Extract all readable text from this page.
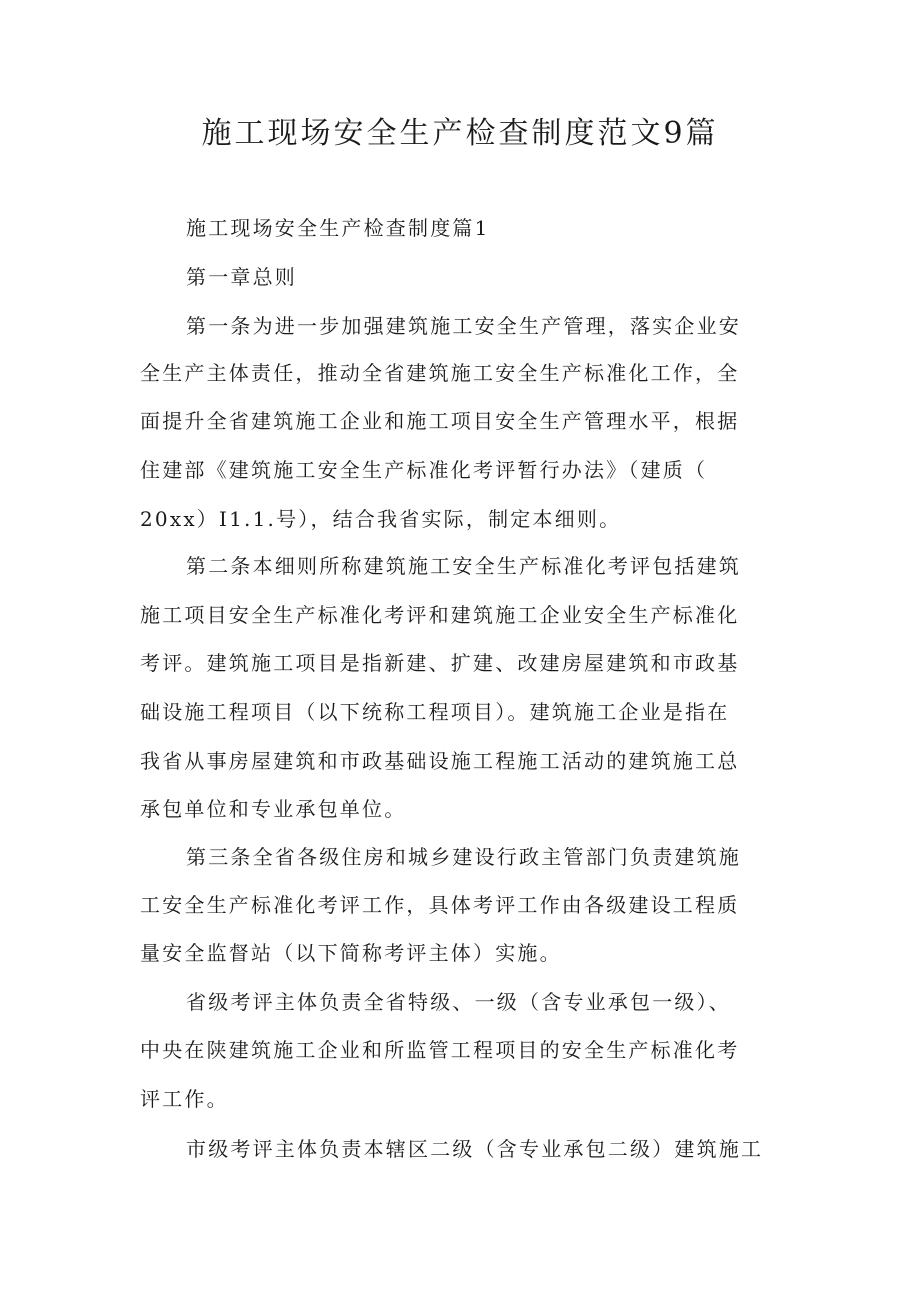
施工现场安全生产检查制度范文9篇

施工现场安全生产检查制度篇1

第一章总则

第一条为进一步加强建筑施工安全生产管理，落实企业安

全生产主体责任，推动全省建筑施工安全生产标准化工作，全

面提升全省建筑施工企业和施工项目安全生产管理水平，根据

住建部《建筑施工安全生产标准化考评暂行办法》（建质（

20xx）I1.1.号），结合我省实际，制定本细则。

第二条本细则所称建筑施工安全生产标准化考评包括建筑

施工项目安全生产标准化考评和建筑施工企业安全生产标准化

考评。建筑施工项目是指新建、扩建、改建房屋建筑和市政基

础设施工程项目（以下统称工程项目）。建筑施工企业是指在

我省从事房屋建筑和市政基础设施工程施工活动的建筑施工总

承包单位和专业承包单位。

第三条全省各级住房和城乡建设行政主管部门负责建筑施

工安全生产标准化考评工作，具体考评工作由各级建设工程质

量安全监督站（以下简称考评主体）实施。

省级考评主体负责全省特级、一级（含专业承包一级）、

中央在陕建筑施工企业和所监管工程项目的安全生产标准化考

评工作。

市级考评主体负责本辖区二级（含专业承包二级）建筑施工
